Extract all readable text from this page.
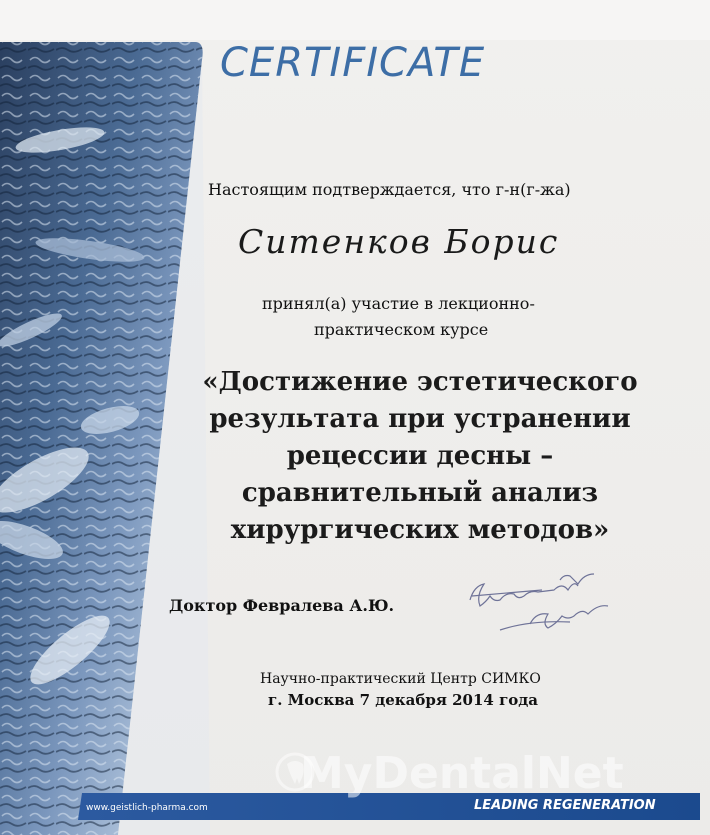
CERTIFICATE
Настоящим подтверждается, что г-н(г-жа)
Ситенков Борис
принял(а) участие в лекционно-
практическом курсе
«Достижение эстетического
результата при устранении
рецессии десны –
сравнительный анализ
хирургических методов»
Доктор Февралева А.Ю.
Научно-практический Центр СИМКО
г. Москва 7 декабря 2014 года
MyDentalNet
www.geistlich-pharma.com	LEADING REGENERATION
